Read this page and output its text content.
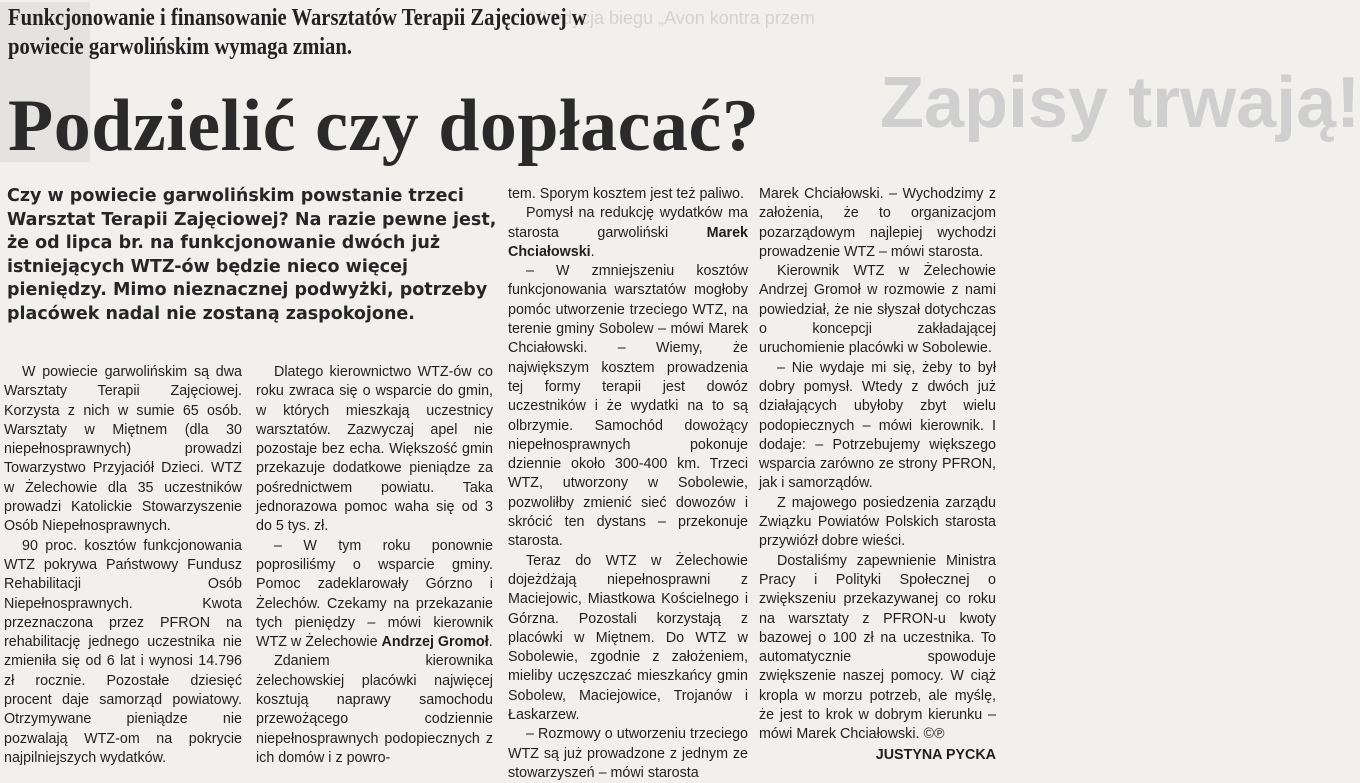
VI edycja biegu „Avon kontra przem
Zapisy trwają!
Funkcjonowanie i finansowanie Warsztatów Terapii Zajęciowej w powiecie garwolińskim wymaga zmian.
Podzielić czy dopłacać?
Czy w powiecie garwolińskim powstanie trzeci Warsztat Terapii Zajęciowej? Na razie pewne jest, że od lipca br. na funkcjonowanie dwóch już istniejących WTZ-ów będzie nieco więcej pieniędzy. Mimo nieznacznej podwyżki, potrzeby placówek nadal nie zostaną zaspokojone.

W powiecie garwolińskim są dwa Warsztaty Terapii Zajęciowej. Korzysta z nich w sumie 65 osób. Warsztaty w Miętnem (dla 30 niepełnosprawnych) prowadzi Towarzystwo Przyjaciół Dzieci. WTZ w Żelechowie dla 35 uczestników prowadzi Katolickie Stowarzyszenie Osób Niepełnosprawnych.

90 proc. kosztów funkcjonowania WTZ pokrywa Państwowy Fundusz Rehabilitacji Osób Niepełnosprawnych. Kwota przeznaczona przez PFRON na rehabilitację jednego uczestnika nie zmieniła się od 6 lat i wynosi 14.796 zł rocznie. Pozostałe dziesięć procent daje samorząd powiatowy. Otrzymywane pieniądze nie pozwalają WTZ-om na pokrycie najpilniejszych wydatków.

Dlatego kierownictwo WTZ-ów co roku zwraca się o wsparcie do gmin, w których mieszkają uczestnicy warsztatów. Zazwyczaj apel nie pozostaje bez echa. Większość gmin przekazuje dodatkowe pieniądze za pośrednictwem powiatu. Taka jednorazowa pomoc waha się od 3 do 5 tys. zł.

– W tym roku ponownie poprosiliśmy o wsparcie gminy. Pomoc zadeklarowały Górzno i Żelechów. Czekamy na przekazanie tych pieniędzy – mówi kierownik WTZ w Żelechowie Andrzej Gromoł.

Zdaniem kierownika żelechowskiej placówki najwięcej kosztują naprawy samochodu przewożącego codziennie niepełnosprawnych podopiecznych z ich domów i z powro-

tem. Sporym kosztem jest też paliwo.

Pomysł na redukcję wydatków ma starosta garwoliński	Marek Chciałowski.

– W zmniejszeniu kosztów funkcjonowania warsztatów mogłoby pomóc utworzenie trzeciego WTZ, na terenie gminy Sobolew – mówi Marek Chciałowski. – Wiemy, że największym kosztem prowadzenia tej formy terapii jest dowóz uczestników i że wydatki na to są olbrzymie. Samochód dowożący niepełnosprawnych pokonuje dziennie około 300-400 km. Trzeci WTZ, utworzony w Sobolewie, pozwoliłby zmienić sieć dowozów i skrócić ten dystans – przekonuje starosta.

Teraz do WTZ w Żelechowie dojeżdżają niepełnosprawni z Maciejowic, Miastkowa Kościelnego i Górzna. Pozostali korzystają z placówki w Miętnem. Do WTZ w Sobolewie, zgodnie z założeniem, mieliby uczęszczać mieszkańcy gmin Sobolew, Maciejowice, Trojanów i Łaskarzew.

– Rozmowy o utworzeniu trzeciego WTZ są już prowadzone z jednym ze stowarzyszeń – mówi starosta

Marek Chciałowski. – Wychodzimy z założenia, że to organizacjom pozarządowym najlepiej wychodzi prowadzenie WTZ – mówi starosta.

Kierownik WTZ w Żelechowie Andrzej Gromoł w rozmowie z nami powiedział, że nie słyszał dotychczas o koncepcji zakładającej uruchomienie placówki w Sobolewie.

– Nie wydaje mi się, żeby to był dobry pomysł. Wtedy z dwóch już działających ubyłoby zbyt wielu podopiecznych – mówi kierownik. I dodaje: – Potrzebujemy większego wsparcia zarówno ze strony PFRON, jak i samorządów.

Z majowego posiedzenia zarządu Związku Powiatów Polskich starosta przywiózł dobre wieści.

Dostaliśmy zapewnienie Ministra Pracy i Polityki Społecznej o zwiększeniu przekazywanej co roku na warsztaty z PFRON-u kwoty bazowej o 100 zł na uczestnika. To automatycznie spowoduje zwiększenie naszej pomocy. W ciąż kropla w morzu potrzeb, ale myślę, że jest to krok w dobrym kierunku – mówi Marek Chciałowski. ©℗

JUSTYNA PYCKA
